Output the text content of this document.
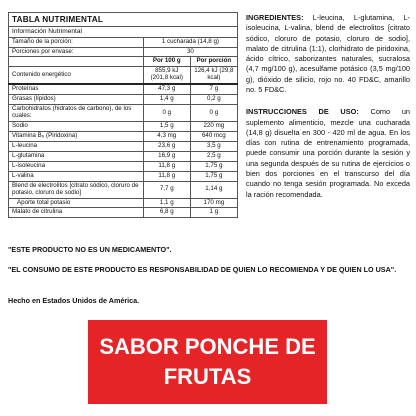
TABLA NUTRIMENTAL		
Información Nutrimental		
Tamaño de la porción:	1 cucharada (14,8 g)	
Porciones por envase:	30	
	Por 100 g	Por porción
Contenido energético	855,9 kJ (201,8 kcal)	126,4 kJ (29,8 kcal)
Proteínas	47,3 g	7 g
Grasas (lípidos)	1,4 g	0,2 g
Carbohidratos (hidratos de carbono), de los cuales:	0 g	0 g
Sodio	1,5 g	220 mg
Vitamina B₆ (Piridoxina)	4,3 mg	640 mcg
L-leucina	23,6 g	3,5 g
L-glutamina	16,9 g	2,5 g
L-isoleucina	11,8 g	1,75 g
L-valina	11,8 g	1,75 g
Blend de electrolitos [citrato sódico, cloruro de potasio, cloruro de sodio]	7,7 g	1,14 g
Aporte total potasio	1,1 g	170 mg
Malato de citrulina	6,8 g	1 g

INGREDIENTES: L-leucina, L-glutamina, L-isoleucina, L-valina, blend de electrolitos [citrato sódico, cloruro de potasio, cloruro de sodio], malato de citrulina (1:1), clorhidrato de piridoxina, ácido cítrico, saborizantes naturales, sucralosa (4,7 mg/100 g), acesulfame potásico (3,5 mg/100 g), dióxido de silicio, rojo no. 40 FD&C, amarillo no. 5 FD&C.

INSTRUCCIONES DE USO: Como un suplemento alimenticio, mezcle una cucharada (14,8 g) disuelta en 300 - 420 ml de agua. En los días con rutina de entrenamiento programada, puede consumir una porción durante la sesión y una segunda después de su rutina de ejercicios o bien dos porciones en el transcurso del día cuando no tenga sesión programada. No exceda la ración recomendada.

"ESTE PRODUCTO NO ES UN MEDICAMENTO".
"EL CONSUMO DE ESTE PRODUCTO ES RESPONSABILIDAD DE QUIEN LO RECOMIENDA Y DE QUIEN LO USA".
Hecho en Estados Unidos de América.
SABOR PONCHE DE
FRUTAS
